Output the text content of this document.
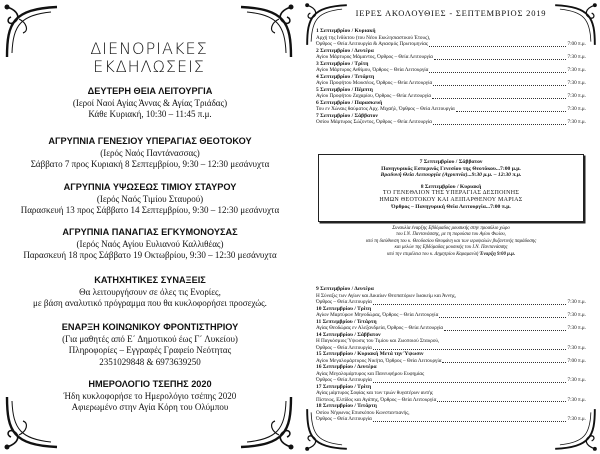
ΔΙΕΝΟΡΙΑΚΕΣ
ΕΚΔΗΛΩΣΕΙΣ
ΔΕΥΤΕΡΗ ΘΕΙΑ ΛΕΙΤΟΥΡΓΙΑ
(Ιεροί Ναοί Αγίας Άννας & Αγίας Τριάδας)
Κάθε Κυριακή, 10:30 – 11:45 π.μ.
ΑΓΡΥΠΝΙΑ ΓΕΝΕΣΙΟΥ ΥΠΕΡΑΓΙΑΣ ΘΕΟΤΟΚΟΥ
(Ιερός Ναός Παντάνασσας)
Σάββατο 7 προς Κυριακή 8 Σεπτεμβρίου, 9:30 – 12:30 μεσάνυχτα
ΑΓΡΥΠΝΙΑ ΥΨΩΣΕΩΣ ΤΙΜΙΟΥ ΣΤΑΥΡΟΥ
(Ιερός Ναός Τιμίου Σταυρού)
Παρασκευή 13 προς Σάββατο 14 Σεπτεμβρίου, 9:30 – 12:30 μεσάνυχτα
ΑΓΡΥΠΝΙΑ ΠΑΝΑΓΙΑΣ ΕΓΚΥΜΟΝΟΥΣΑΣ
(Ιερός Ναός Αγίου Ευλιανού Καλλιθέας)
Παρασκευή 18 προς Σάββατο 19 Οκτωβρίου, 9:30 – 12:30 μεσάνυχτα
ΚΑΤΗΧΗΤΙΚΕΣ ΣΥΝΑΞΕΙΣ
Θα λειτουργήσουν σε όλες τις Ενορίες,
με βάση αναλυτικό πρόγραμμα που θα κυκλοφορήσει προσεχώς.
ΕΝΑΡΞΗ ΚΟΙΝΩΝΙΚΟΥ ΦΡΟΝΤΙΣΤΗΡΙΟΥ
(Για μαθητές από Ε΄ Δημοτικού έως Γ΄ Λυκείου)
Πληροφορίες – Εγγραφές Γραφείο Νεότητας
2351029848 & 6973639250
ΗΜΕΡΟΛΟΓΙΟ ΤΣΕΠΗΣ 2020
Ήδη κυκλοφορήσε το Ημερολόγιο τσέπης 2020
Αφιερωμένο στην Αγία Κόρη του Ολύμπου
ΙΕΡΕΣ ΑΚΟΛΟΥΘΙΕΣ - ΣΕΠΤΕΜΒΡΙΟΣ 2019
1 Σεπτεμβρίου / Κυριακή
Αρχή της Ινδίκτου (του Νέου Εκκλησιαστικού Έτους),
Όρθρος – Θεία Λειτουργία & Αγιασμός Πρωτομηνίας	7:00 π.μ.
2 Σεπτεμβρίου / Δευτέρα
Αγίου Μάρτυρος Μάμαντος, Όρθρος – Θεία Λειτουργία	7:30 π.μ.
3 Σεπτεμβρίου / Τρίτη
Αγίου Μάρτυρος Ανθίμου, Όρθρος – Θεία Λειτουργία	7:30 π.μ.
4 Σεπτεμβρίου / Τετάρτη
Αγίου Προφήτου Μωυσέως, Όρθρος – Θεία Λειτουργία	7:30 π.μ.
5 Σεπτεμβρίου / Πέμπτη
Αγίου Προφήτου Ζαχαρίου, Όρθρος – Θεία Λειτουργία	7:30 π.μ.
6 Σεπτεμβρίου / Παρασκευή
Του εν Χώναις θαύματος Αρχ. Μιχαήλ, Όρθρος – Θεία Λειτουργία	7:30 π.μ.
7 Σεπτεμβρίου / Σάββατον
Οσίου Μάρτυρος Σώζοντος, Όρθρος – Θεία Λειτουργία	7:30 π.μ.
7 Σεπτεμβρίου / Σάββατον
Πανηγυρικός Εσπερινός Γενεσίου της Θεοτόκου...7:00 μ.μ.
Βραδυνή Θεία Λειτουργία (Αγρυπνία)...9:30 μ.μ. – 12:30 π.μ.
8 Σεπτεμβρίου / Κυριακή
ΤΟ ΓΕΝΕΘΛΙΟΝ ΤΗΣ ΥΠΕΡΑΓΙΑΣ ΔΕΣΠΟΙΝΗΣ
ΗΜΩΝ ΘΕΟΤΟΚΟΥ ΚΑΙ ΑΕΙΠΑΡΘΕΝΟΥ ΜΑΡΙΑΣ
Όρθρος – Πανηγυρική Θεία Λειτουργία...7:00 π.μ.
Συναυλία έναρξης Εβδόμαδος μουσικής στην προαύλιο χώρο
του Ι.Ν. Παντανάσσης, με τη πορούσια του Αγίου Φωίου,
υπό τη διεύθυνση του κ. Θεοδοσίου Θεοφάνη και των ιεροψαλών βυζαντινής παράδοσης
και μελών της Εβδόμαδας μουσικής του Ι.Ν. Παντανάσσης
υπό την επιμέλεια του κ. Δημητρίου Καραμανλή Έναρξη 9:00 μ.μ.
9 Σεπτεμβρίου / Δευτέρα
Η Σύναξις των Αγίων και Δικαίων Θεοπατόρων Ιωακείμ και Άννης,
Όρθρος – Θεία Λειτουργία	7:30 π.μ.
10 Σεπτεμβρίου / Τρίτη
Αγίων Μαρτύρων Μηνοδώρας, Όρθρος – Θεία Λειτουργία	7:30 π.μ.
11 Σεπτεμβρίου / Τετάρτη
Αγίας Θεοδώρας εν Αλεξανδρεία, Όρθρος – Θεία Λειτουργία	7:30 π.μ.
14 Σεπτεμβρίου / Σάββατον
Η Παγκόσμιος Ύψωσις του Τιμίου και Ζωοποιού Σταυρού,
Όρθρος – Θεία Λειτουργία	7:30 π.μ.
15 Σεπτεμβρίου / Κυριακή Μετά την Ύψωσιν
Αγίου Μεγαλομάρτυρος Νικήτα, Όρθρος – Θεία Λειτουργία	7:00 π.μ.
16 Σεπτεμβρίου / Δευτέρα
Αγίας Μεγαλομάρτυρος και Πανευφήμου Ευφημίας
Όρθρος – Θεία Λειτουργία	7:30 π.μ.
17 Σεπτεμβρίου / Τρίτη
Αγίας μάρτυρος Σοφίας και των τριών θυγατέρων αυτής
Πίστεως, Ελπίδος και Αγάπης, Όρθρος – Θεία Λειτουργία	7:30 π.μ.
18 Σεπτεμβρίου / Τετάρτη
Οσίου Νήφωνος Επισκόπου Κωνσταντιανής,
Όρθρος – Θεία Λειτουργία	7:30 π.μ.
